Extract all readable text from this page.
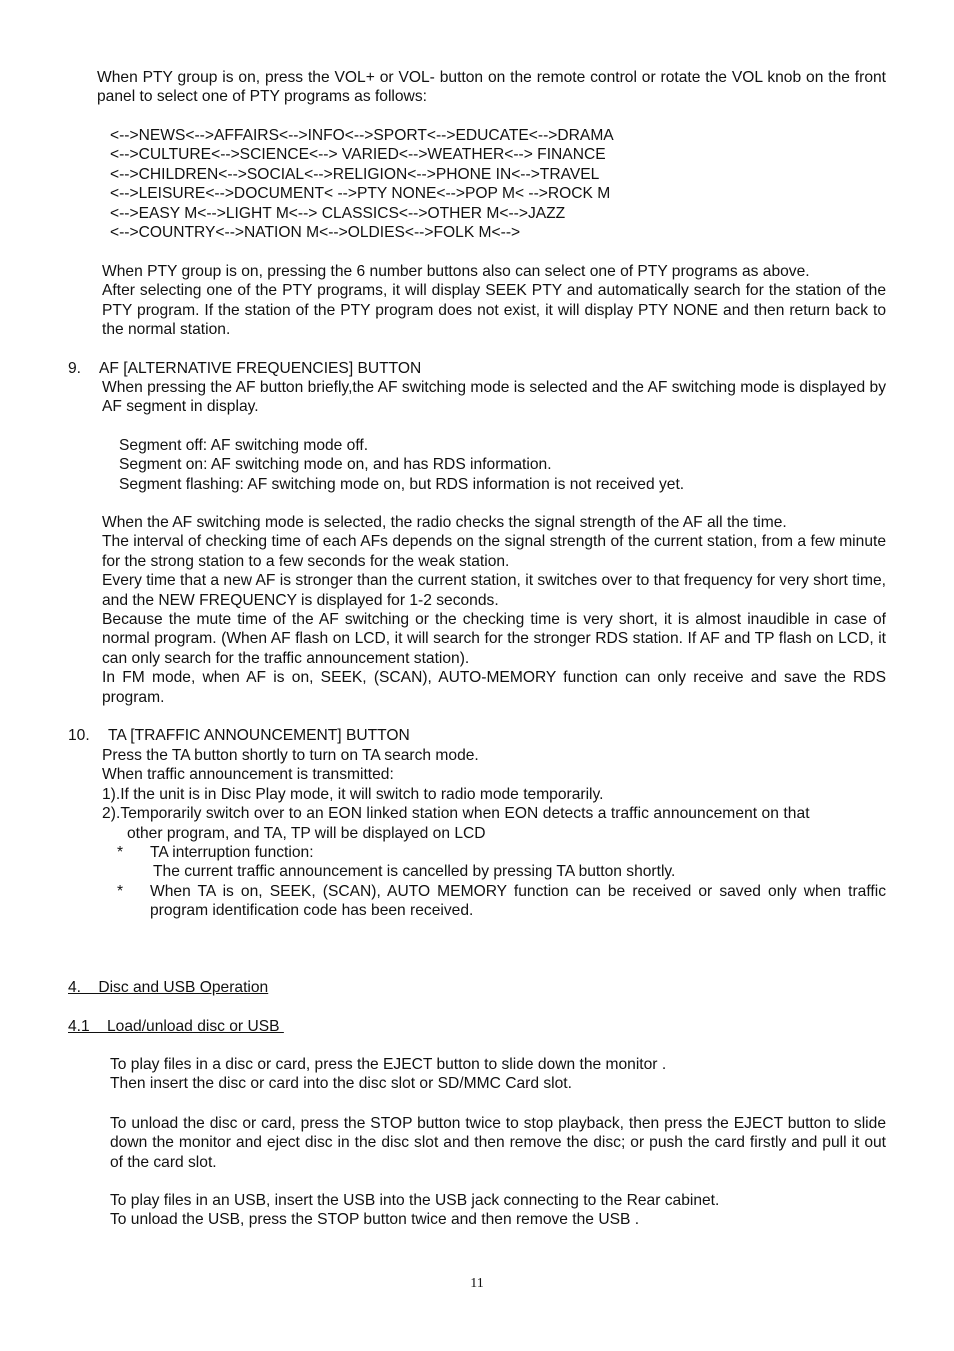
When PTY group is on, press the VOL+ or VOL- button on the remote control or rotate the VOL knob on the front panel to select one of PTY programs as follows:
<-->NEWS<-->AFFAIRS<-->INFO<-->SPORT<-->EDUCATE<-->DRAMA
<-->CULTURE<-->SCIENCE<--> VARIED<-->WEATHER<--> FINANCE
<-->CHILDREN<-->SOCIAL<-->RELIGION<-->PHONE IN<-->TRAVEL
<-->LEISURE<-->DOCUMENT< -->PTY NONE<-->POP M< -->ROCK M
<-->EASY M<-->LIGHT M<--> CLASSICS<-->OTHER M<-->JAZZ
<-->COUNTRY<-->NATION M<-->OLDIES<-->FOLK M<-->
When PTY group is on, pressing the 6 number buttons also can select one of PTY programs as above.
After selecting one of the PTY programs, it will display SEEK PTY and automatically search for the station of the PTY program. If the station of the PTY program does not exist, it will display PTY NONE and then return back to the normal station.
9. AF [ALTERNATIVE FREQUENCIES] BUTTON
When pressing the AF button briefly,the AF switching mode is selected and the AF switching mode is displayed by AF segment in display.
Segment off: AF switching mode off.
Segment on: AF switching mode on, and has RDS information.
Segment flashing: AF switching mode on, but RDS information is not received yet.
When the AF switching mode is selected, the radio checks the signal strength of the AF all the time.
The interval of checking time of each AFs depends on the signal strength of the current station, from a few minute for the strong station to a few seconds for the weak station.
Every time that a new AF is stronger than the current station, it switches over to that frequency for very short time, and the NEW FREQUENCY is displayed for 1-2 seconds.
Because the mute time of the AF switching or the checking time is very short, it is almost inaudible in case of normal program. (When AF flash on LCD, it will search for the stronger RDS station. If AF and TP flash on LCD, it can only search for the traffic announcement station).
In FM mode, when AF is on, SEEK, (SCAN), AUTO-MEMORY function can only receive and save the RDS program.
10. TA [TRAFFIC ANNOUNCEMENT] BUTTON
Press the TA button shortly to turn on TA search mode.
When traffic announcement is transmitted:
1).If the unit is in Disc Play mode, it will switch to radio mode temporarily.
2).Temporarily switch over to an EON linked station when EON detects a traffic announcement on that
other program, and TA, TP will be displayed on LCD
* TA interruption function:
The current traffic announcement is cancelled by pressing TA button shortly.
*	When TA is on, SEEK, (SCAN), AUTO MEMORY function can be received or saved only when traffic program identification code has been received.
4.    Disc and USB Operation
4.1    Load/unload disc or USB
To play files in a disc or card, press the EJECT button to slide down the monitor .
Then insert the disc or card into the disc slot or SD/MMC Card slot.
To unload the disc or card, press the STOP button twice to stop playback, then press the EJECT button to slide down the monitor and eject disc in the disc slot and then remove the disc; or push the card firstly and pull it out of the card slot.
To play files in an USB, insert the USB into the USB jack connecting to the Rear cabinet.
To unload the USB, press the STOP button twice and then remove the USB .
11
